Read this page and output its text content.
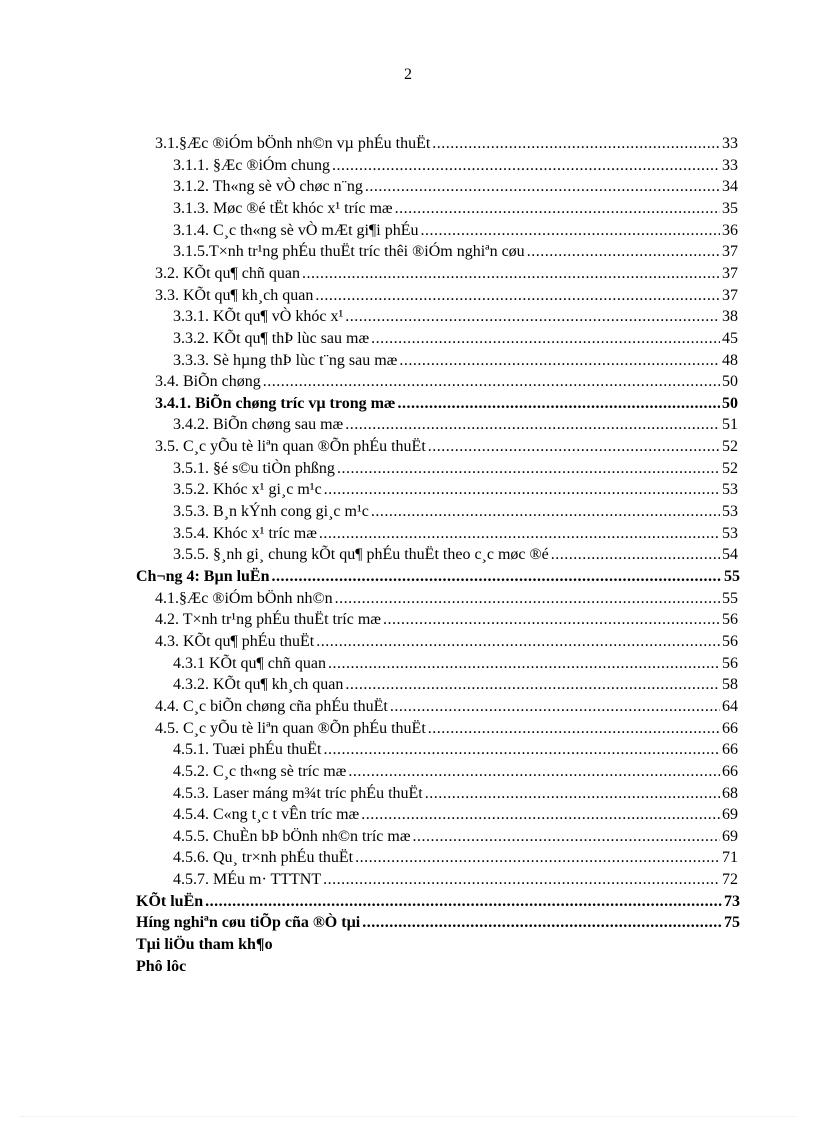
2
3.1.§Æc ®iÓm bÖnh nh©n vµ phÉu thuËt .....	33
3.1.1. §Æc ®iÓm chung .....	33
3.1.2. Th«ng sè vÒ chøc n¨ng .....	34
3.1.3. Møc ®é tËt khóc x¹ tríc mæ .....	35
3.1.4. C¸c th«ng sè vÒ mÆt gi¶i phÉu .....	36
3.1.5.T×nh tr¹ng phÉu thuËt tríc thêi ®iÓm nghiªn cøu .....	37
3.2. KÕt qu¶ chñ quan .....	37
3.3. KÕt qu¶ kh¸ch quan .....	37
3.3.1. KÕt qu¶ vÒ khóc x¹ .....	38
3.3.2. KÕt qu¶ thÞ lùc sau mæ .....	45
3.3.3. Sè hµng thÞ lùc t¨ng sau mæ .....	48
3.4. BiÕn chøng .....	50
3.4.1. BiÕn chøng tríc vµ trong mæ .....	50
3.4.2. BiÕn chøng sau mæ .....	51
3.5. C¸c yÕu tè liªn quan ®Õn phÉu thuËt .....	52
3.5.1. §é s©u tiÒn phßng .....	52
3.5.2. Khóc x¹ gi¸c m¹c .....	53
3.5.3. B¸n kÝnh cong gi¸c m¹c .....	53
3.5.4. Khóc x¹ tríc mæ .....	53
3.5.5. §¸nh gi¸ chung kÕt qu¶ phÉu thuËt theo c¸c møc ®é .....	54
Ch¬ng 4: Bµn luËn .....	55
4.1.§Æc ®iÓm bÖnh nh©n .....	55
4.2. T×nh tr¹ng phÉu thuËt tríc mæ .....	56
4.3. KÕt qu¶ phÉu thuËt .....	56
4.3.1 KÕt qu¶ chñ quan .....	56
4.3.2. KÕt qu¶ kh¸ch quan .....	58
4.4. C¸c biÕn chøng cña phÉu thuËt .....	64
4.5. C¸c yÕu tè liªn quan ®Õn phÉu thuËt .....	66
4.5.1. Tuæi phÉu thuËt .....	66
4.5.2. C¸c th«ng sè tríc mæ .....	66
4.5.3. Laser máng m¾t tríc phÉu thuËt .....	68
4.5.4. C«ng t¸c t vÊn tríc mæ .....	69
4.5.5. ChuÈn bÞ bÖnh nh©n tríc mæ .....	69
4.5.6. Qu¸ tr×nh phÉu thuËt .....	71
4.5.7. MÉu m· TTTNT .....	72
KÕt luËn .....	73
Híng nghiªn cøu tiÕp cña ®Ò tµi .....	75
Tµi liÖu tham kh¶o
Phô lôc
